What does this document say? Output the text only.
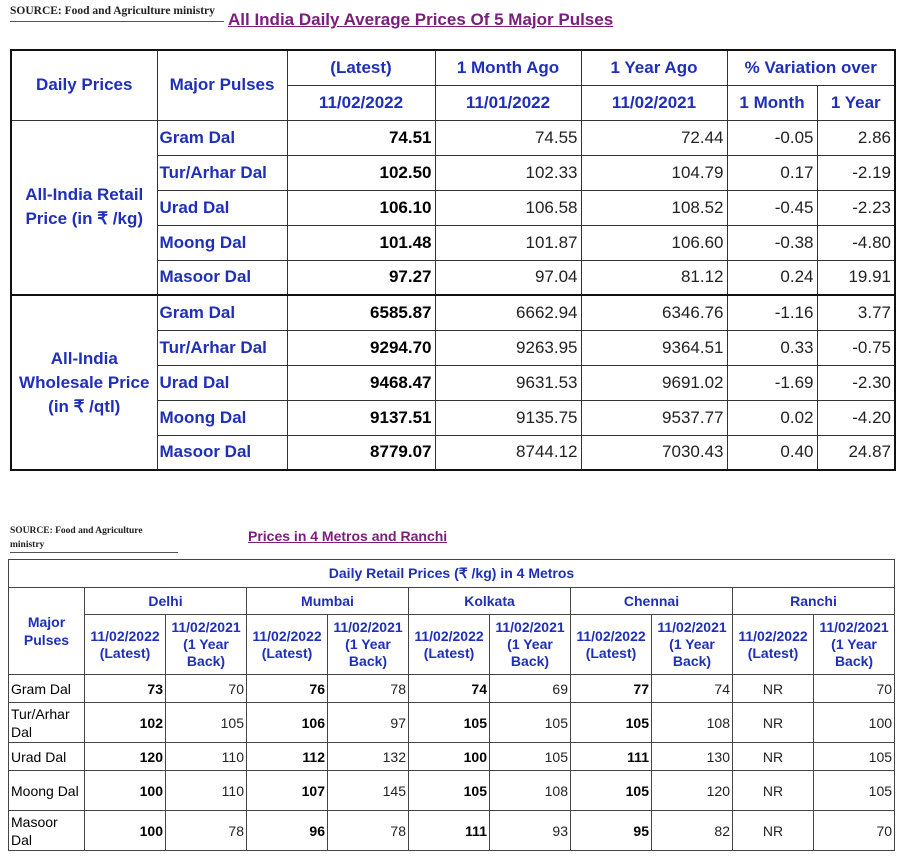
SOURCE: Food and Agriculture ministry All India Daily Average Prices Of 5 Major Pulses
Daily Prices	Major Pulses	(Latest)	1 Month Ago	1 Year Ago	% Variation over	
		11/02/2022	11/01/2022	11/02/2021	1 Month	1 Year
All-India Retail Price (in ₹ /kg)	Gram Dal	74.51	74.55	72.44	-0.05	2.86
	Tur/Arhar Dal	102.50	102.33	104.79	0.17	-2.19
	Urad Dal	106.10	106.58	108.52	-0.45	-2.23
	Moong Dal	101.48	101.87	106.60	-0.38	-4.80
	Masoor Dal	97.27	97.04	81.12	0.24	19.91
All-India Wholesale Price (in ₹ /qtl)	Gram Dal	6585.87	6662.94	6346.76	-1.16	3.77
	Tur/Arhar Dal	9294.70	9263.95	9364.51	0.33	-0.75
	Urad Dal	9468.47	9631.53	9691.02	-1.69	-2.30
	Moong Dal	9137.51	9135.75	9537.77	0.02	-4.20
	Masoor Dal	8779.07	8744.12	7030.43	0.40	24.87
SOURCE: Food and Agriculture ministry
Prices in 4 Metros and Ranchi
Daily Retail Prices (₹ /kg) in 4 Metros										
Major Pulses	Delhi		Mumbai		Kolkata		Chennai		Ranchi	
	11/02/2022 (Latest)	11/02/2021 (1 Year Back)	11/02/2022 (Latest)	11/02/2021 (1 Year Back)	11/02/2022 (Latest)	11/02/2021 (1 Year Back)	11/02/2022 (Latest)	11/02/2021 (1 Year Back)	11/02/2022 (Latest)	11/02/2021 (1 Year Back)
Gram Dal	73	70	76	78	74	69	77	74	NR	70
Tur/Arhar Dal	102	105	106	97	105	105	105	108	NR	100
Urad Dal	120	110	112	132	100	105	111	130	NR	105
Moong Dal	100	110	107	145	105	108	105	120	NR	105
Masoor Dal	100	78	96	78	111	93	95	82	NR	70
